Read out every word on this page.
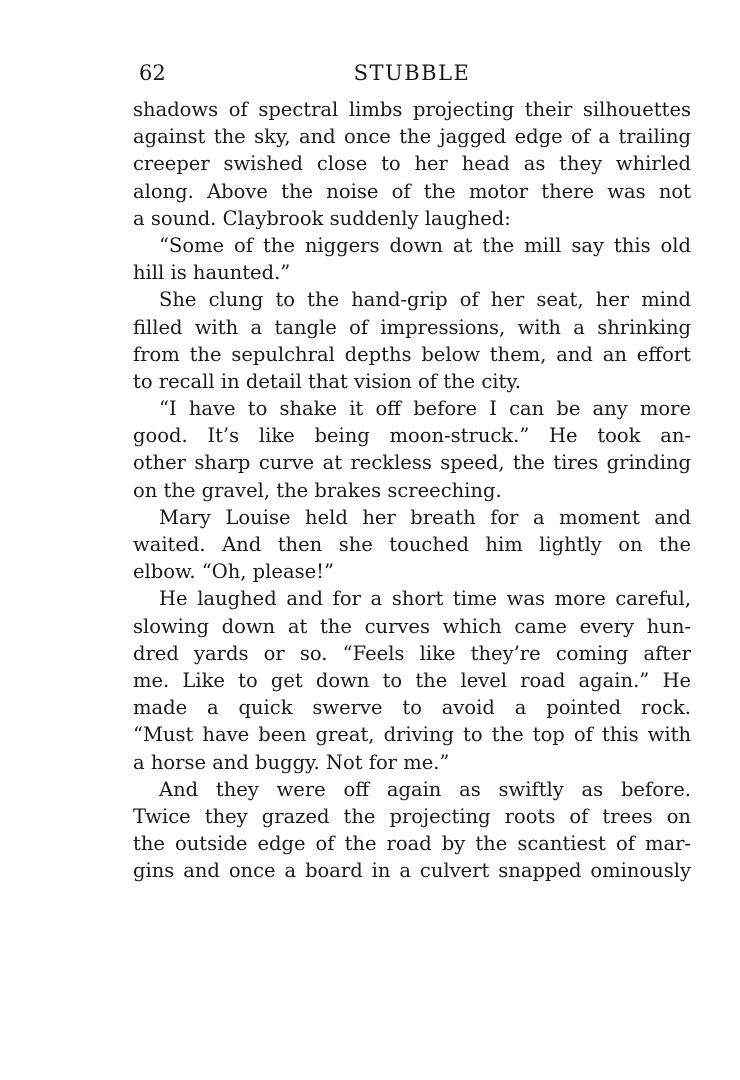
62	STUBBLE
shadows of spectral limbs projecting their silhouettes
against the sky, and once the jagged edge of a trailing
creeper swished close to her head as they whirled
along. Above the noise of the motor there was not
a sound. Claybrook suddenly laughed:
“Some of the niggers down at the mill say this old
hill is haunted.”
She clung to the hand-grip of her seat, her mind
filled with a tangle of impressions, with a shrinking
from the sepulchral depths below them, and an effort
to recall in detail that vision of the city.
“I have to shake it off before I can be any more
good. It’s like being moon-struck.” He took an-
other sharp curve at reckless speed, the tires grinding
on the gravel, the brakes screeching.
Mary Louise held her breath for a moment and
waited. And then she touched him lightly on the
elbow. “Oh, please!”
He laughed and for a short time was more careful,
slowing down at the curves which came every hun-
dred yards or so. “Feels like they’re coming after
me. Like to get down to the level road again.” He
made a quick swerve to avoid a pointed rock.
“Must have been great, driving to the top of this with
a horse and buggy. Not for me.”
And they were off again as swiftly as before.
Twice they grazed the projecting roots of trees on
the outside edge of the road by the scantiest of mar-
gins and once a board in a culvert snapped ominously
